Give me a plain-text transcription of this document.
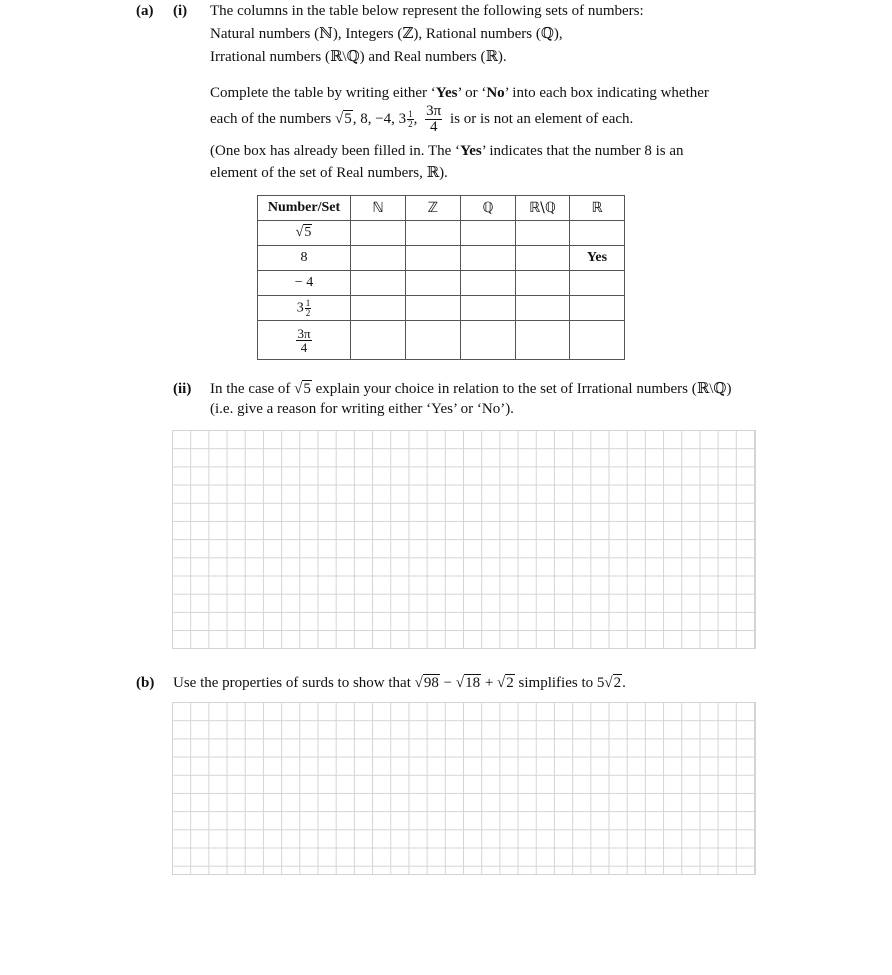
(a) (i) The columns in the table below represent the following sets of numbers:
Natural numbers (ℕ), Integers (ℤ), Rational numbers (ℚ),
Irrational numbers (ℝ\ℚ) and Real numbers (ℝ).
Complete the table by writing either ‘Yes’ or ‘No’ into each box indicating whether
each of the numbers √5, 8, −4, $3 \frac{1}{2}$ , $\frac{3\pi}{4}$ is or is not an element of each.
(One box has already been filled in. The ‘Yes’ indicates that the number 8 is an
element of the set of Real numbers, ℝ).
Number/Set	ℕ	ℤ	ℚ	ℝ\ℚ	ℝ
√5					
8					Yes
− 4					
$3 \frac{1}{2}$

$\frac{3\pi}{4}$

(ii) In the case of √5 explain your choice in relation to the set of Irrational numbers (ℝ\ℚ)
(i.e. give a reason for writing either ‘Yes’ or ‘No’).
(b) Use the properties of surds to show that √98 − √18 + √2 simplifies to 5√2.
